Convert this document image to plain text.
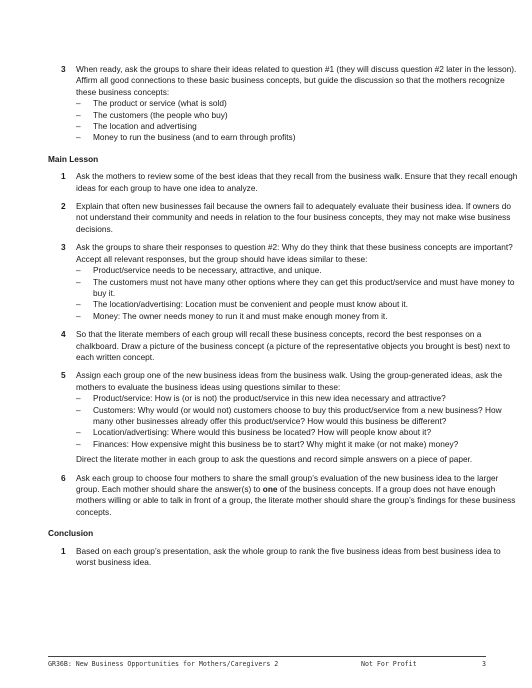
3 When ready, ask the groups to share their ideas related to question #1 (they will discuss question #2 later in the lesson). Affirm all good connections to these basic business concepts, but guide the discussion so that the mothers recognize these business concepts:
– The product or service (what is sold)
– The customers (the people who buy)
– The location and advertising
– Money to run the business (and to earn through profits)
Main Lesson
1 Ask the mothers to review some of the best ideas that they recall from the business walk. Ensure that they recall enough ideas for each group to have one idea to analyze.
2 Explain that often new businesses fail because the owners fail to adequately evaluate their business idea. If owners do not understand their community and needs in relation to the four business concepts, they may not make wise business decisions.
3 Ask the groups to share their responses to question #2: Why do they think that these business concepts are important? Accept all relevant responses, but the group should have ideas similar to these:
– Product/service needs to be necessary, attractive, and unique.
– The customers must not have many other options where they can get this product/service and must have money to buy it.
– The location/advertising: Location must be convenient and people must know about it.
– Money: The owner needs money to run it and must make enough money from it.
4 So that the literate members of each group will recall these business concepts, record the best responses on a chalkboard. Draw a picture of the business concept (a picture of the representative objects you brought is best) next to each written concept.
5 Assign each group one of the new business ideas from the business walk. Using the group-generated ideas, ask the mothers to evaluate the business ideas using questions similar to these:
– Product/service: How is (or is not) the product/service in this new idea necessary and attractive?
– Customers: Why would (or would not) customers choose to buy this product/service from a new business? How many other businesses already offer this product/service? How would this business be different?
– Location/advertising: Where would this business be located? How will people know about it?
– Finances: How expensive might this business be to start? Why might it make (or not make) money?
Direct the literate mother in each group to ask the questions and record simple answers on a piece of paper.
6 Ask each group to choose four mothers to share the small group’s evaluation of the new business idea to the larger group. Each mother should share the answer(s) to one of the business concepts. If a group does not have enough mothers willing or able to talk in front of a group, the literate mother should share the group’s findings for these business concepts.
Conclusion
1 Based on each group’s presentation, ask the whole group to rank the five business ideas from best business idea to worst business idea.
GR36B: New Business Opportunities for Mothers/Caregivers 2	Not For Profit	3
